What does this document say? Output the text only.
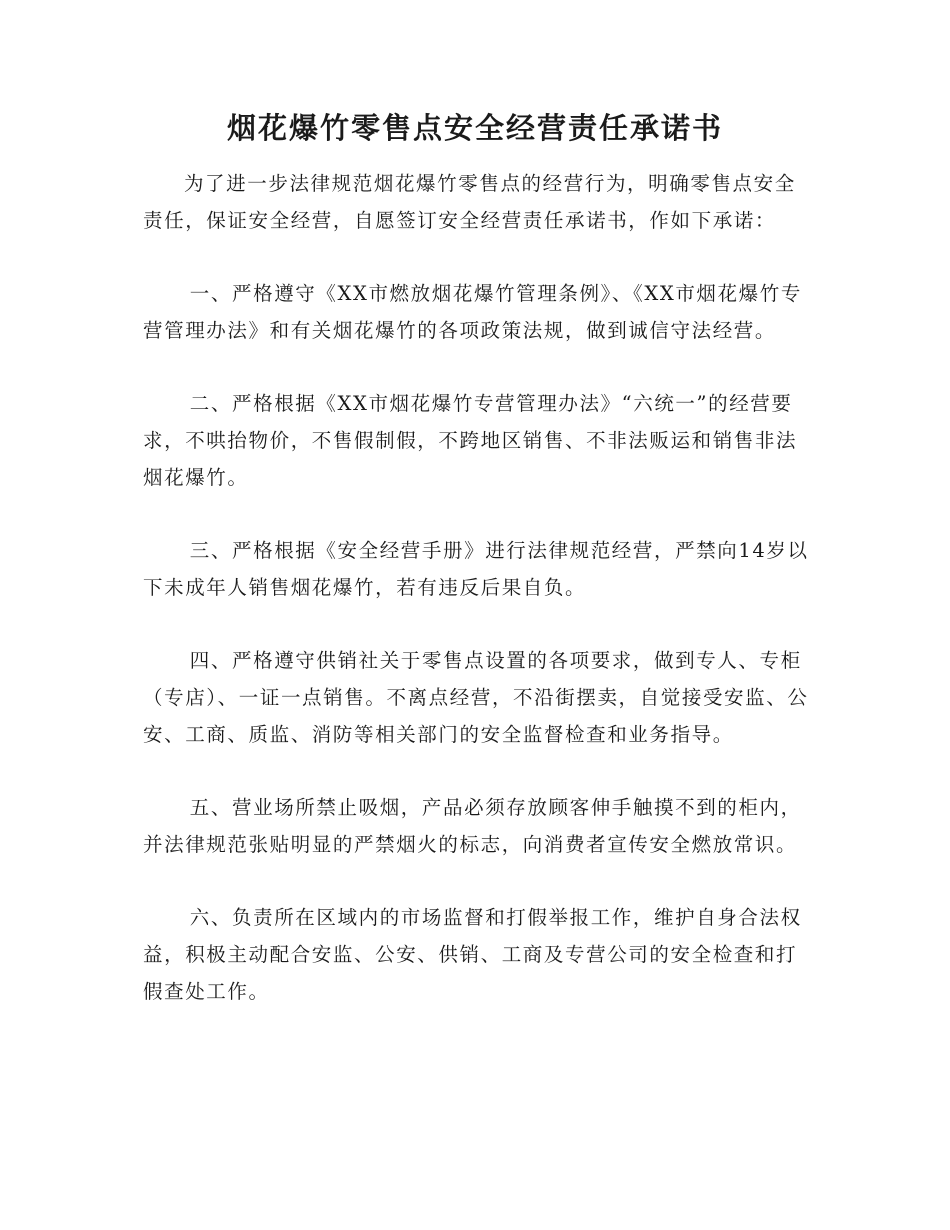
烟花爆竹零售点安全经营责任承诺书

为了进一步法律规范烟花爆竹零售点的经营行为，明确零售点安全责任，保证安全经营，自愿签订安全经营责任承诺书，作如下承诺：

一、严格遵守《XX市燃放烟花爆竹管理条例》、《XX市烟花爆竹专营管理办法》和有关烟花爆竹的各项政策法规，做到诚信守法经营。

二、严格根据《XX市烟花爆竹专营管理办法》“六统一”的经营要求，不哄抬物价，不售假制假，不跨地区销售、不非法贩运和销售非法烟花爆竹。

三、严格根据《安全经营手册》进行法律规范经营，严禁向14岁以下未成年人销售烟花爆竹，若有违反后果自负。

四、严格遵守供销社关于零售点设置的各项要求，做到专人、专柜（专店）、一证一点销售。不离点经营，不沿街摆卖，自觉接受安监、公安、工商、质监、消防等相关部门的安全监督检查和业务指导。

五、营业场所禁止吸烟，产品必须存放顾客伸手触摸不到的柜内，并法律规范张贴明显的严禁烟火的标志，向消费者宣传安全燃放常识。

六、负责所在区域内的市场监督和打假举报工作，维护自身合法权益，积极主动配合安监、公安、供销、工商及专营公司的安全检查和打假查处工作。
